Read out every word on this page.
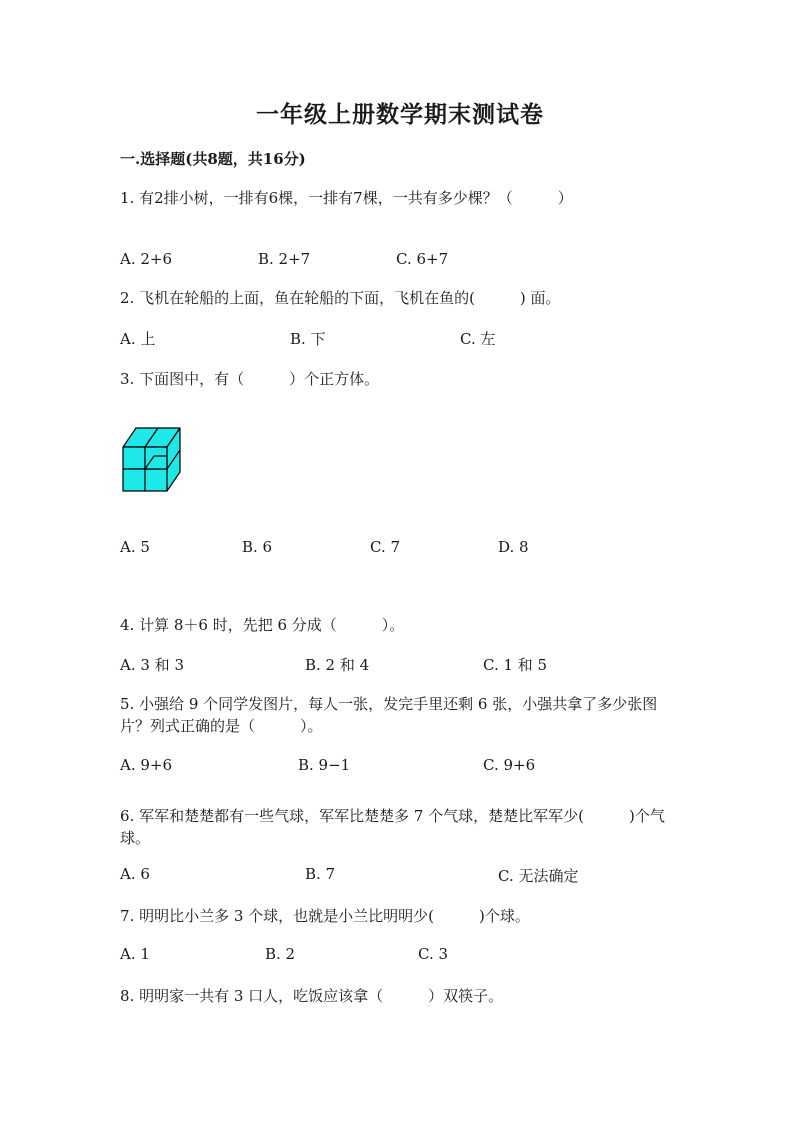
一年级上册数学期末测试卷
一.选择题(共8题，共16分)
1. 有2排小树，一排有6棵，一排有7棵，一共有多少棵？（　　　）
A. 2+6	B. 2+7	C. 6+7
2. 飞机在轮船的上面，鱼在轮船的下面，飞机在鱼的(　　　) 面。
A. 上	B. 下	C. 左
3. 下面图中，有（　　　）个正方体。
A. 5	B. 6	C. 7	D. 8
4. 计算 8＋6 时，先把 6 分成（　　　）。
A. 3 和 3	B. 2 和 4	C. 1 和 5
5. 小强给 9 个同学发图片，每人一张，发完手里还剩 6 张，小强共拿了多少张图片？列式正确的是（　　　）。
A. 9+6	B. 9−1	C. 9+6
6. 军军和楚楚都有一些气球，军军比楚楚多 7 个气球，楚楚比军军少(　　　)个气球。
A. 6	B. 7	C. 无法确定
7. 明明比小兰多 3 个球，也就是小兰比明明少(　　　)个球。
A. 1	B. 2	C. 3
8. 明明家一共有 3 口人，吃饭应该拿（　　　）双筷子。
